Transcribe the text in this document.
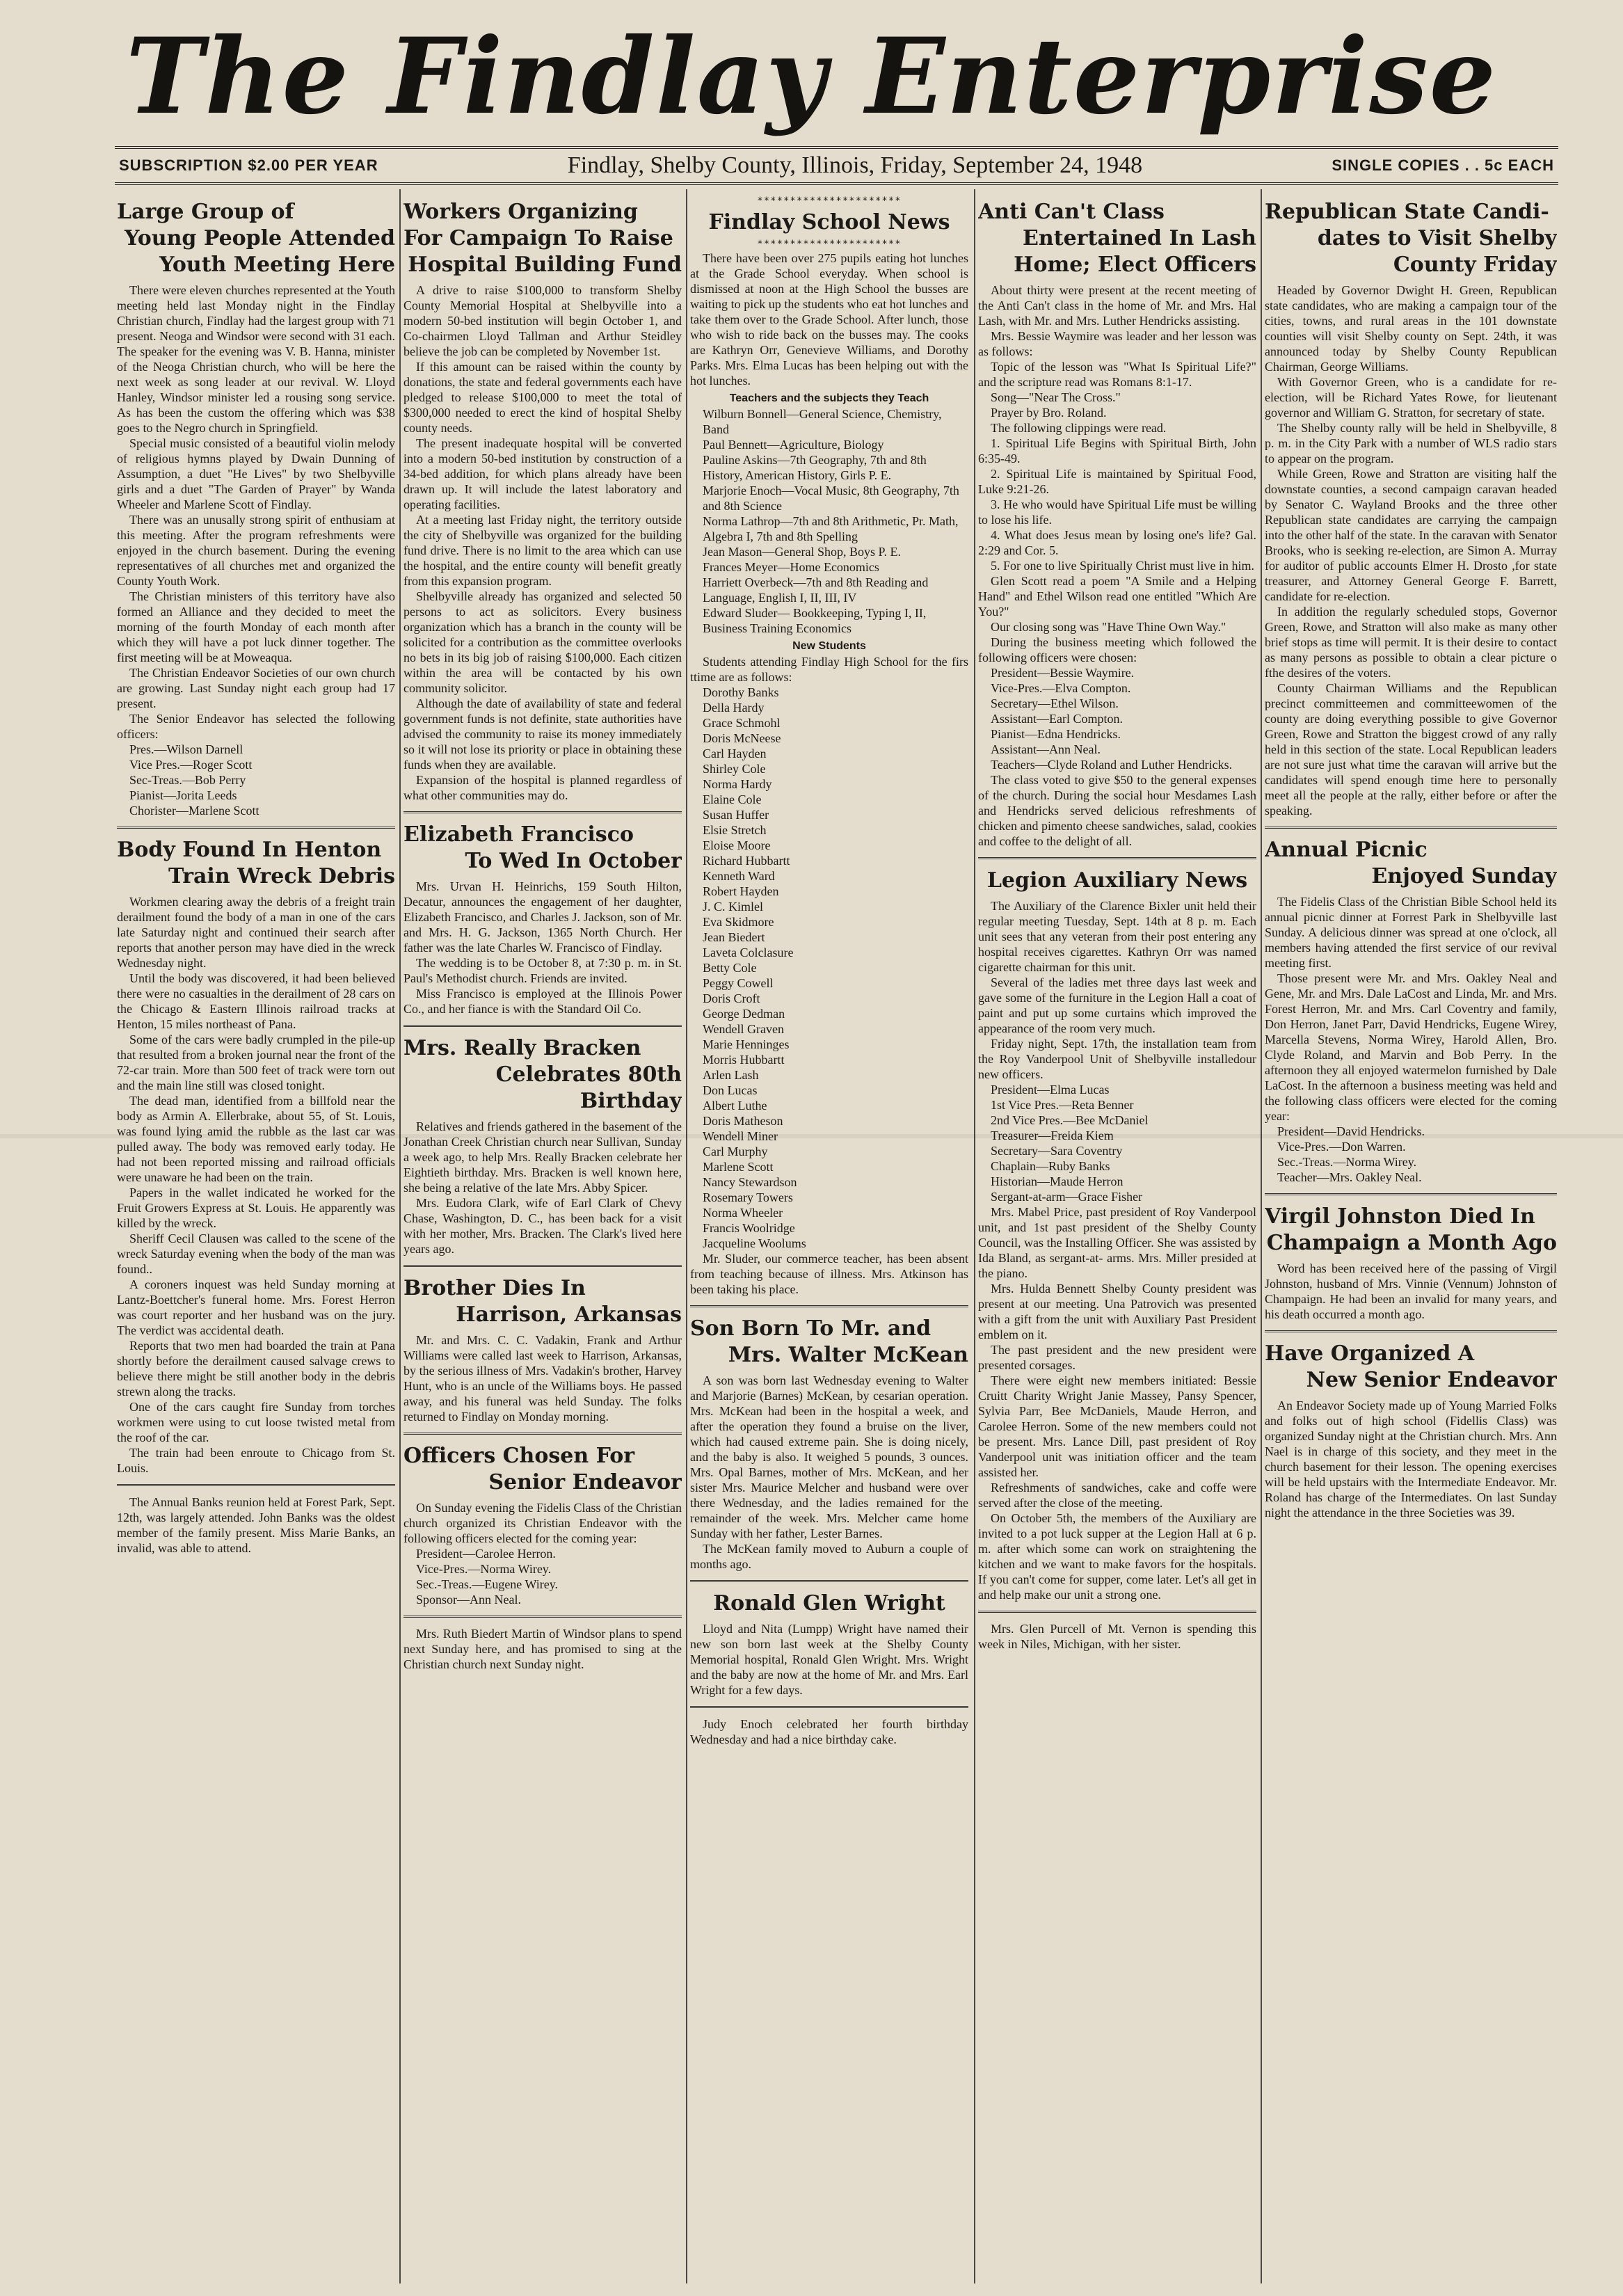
The Findlay Enterprise
SUBSCRIPTION $2.00 PER YEAR	Findlay, Shelby County, Illinois, Friday, September 24, 1948	SINGLE COPIES . . 5c EACH
Large Group of
Young People Attended
Youth Meeting Here

There were eleven churches represented at the Youth meeting held last Monday night in the Findlay Christian church, Findlay had the largest group with 71 present. Neoga and Windsor were second with 31 each. The speaker for the evening was V. B. Hanna, minister of the Neoga Christian church, who will be here the next week as song leader at our revival. W. Lloyd Hanley, Windsor minister led a rousing song service. As has been the custom the offering which was $38 goes to the Negro church in Springfield.

Special music consisted of a beautiful violin melody of religious hymns played by Dwain Dunning of Assumption, a duet "He Lives" by two Shelbyville girls and a duet "The Garden of Prayer" by Wanda Wheeler and Marlene Scott of Findlay.

There was an unusally strong spirit of enthusiam at this meeting. After the program refreshments were enjoyed in the church basement. During the evening representatives of all churches met and organized the County Youth Work.

The Christian ministers of this territory have also formed an Alliance and they decided to meet the morning of the fourth Monday of each month after which they will have a pot luck dinner together. The first meeting will be at Moweaqua.

The Christian Endeavor Societies of our own church are growing. Last Sunday night each group had 17 present.

The Senior Endeavor has selected the following officers:

Pres.—Wilson Darnell
Vice Pres.—Roger Scott
Sec-Treas.—Bob Perry
Pianist—Jorita Leeds
Chorister—Marlene Scott
Body Found In Henton
Train Wreck Debris

Workmen clearing away the debris of a freight train derailment found the body of a man in one of the cars late Saturday night and continued their search after reports that another person may have died in the wreck Wednesday night.

Until the body was discovered, it had been believed there were no casualties in the derailment of 28 cars on the Chicago & Eastern Illinois railroad tracks at Henton, 15 miles northeast of Pana.

Some of the cars were badly crumpled in the pile-up that resulted from a broken journal near the front of the 72-car train. More than 500 feet of track were torn out and the main line still was closed tonight.

The dead man, identified from a billfold near the body as Armin A. Ellerbrake, about 55, of St. Louis, was found lying amid the rubble as the last car was pulled away. The body was removed early today. He had not been reported missing and railroad officials were unaware he had been on the train.

Papers in the wallet indicated he worked for the Fruit Growers Express at St. Louis. He apparently was killed by the wreck.

Sheriff Cecil Clausen was called to the scene of the wreck Saturday evening when the body of the man was found..

A coroners inquest was held Sunday morning at Lantz-Boettcher's funeral home. Mrs. Forest Herron was court reporter and her husband was on the jury. The verdict was accidental death.

Reports that two men had boarded the train at Pana shortly before the derailment caused salvage crews to believe there might be still another body in the debris strewn along the tracks.

One of the cars caught fire Sunday from torches workmen were using to cut loose twisted metal from the roof of the car.

The train had been enroute to Chicago from St. Louis.

The Annual Banks reunion held at Forest Park, Sept. 12th, was largely attended. John Banks was the oldest member of the family present. Miss Marie Banks, an invalid, was able to attend.

Workers Organizing
For Campaign To Raise
Hospital Building Fund

A drive to raise $100,000 to transform Shelby County Memorial Hospital at Shelbyville into a modern 50-bed institution will begin October 1, and Co-chairmen Lloyd Tallman and Arthur Steidley believe the job can be completed by November 1st.

If this amount can be raised within the county by donations, the state and federal governments each have pledged to release $100,000 to meet the total of $300,000 needed to erect the kind of hospital Shelby county needs.

The present inadequate hospital will be converted into a modern 50-bed institution by construction of a 34-bed addition, for which plans already have been drawn up. It will include the latest laboratory and operating facilities.

At a meeting last Friday night, the territory outside the city of Shelbyville was organized for the building fund drive. There is no limit to the area which can use the hospital, and the entire county will benefit greatly from this expansion program.

Shelbyville already has organized and selected 50 persons to act as solicitors. Every business organization which has a branch in the county will be solicited for a contribution as the committee overlooks no bets in its big job of raising $100,000. Each citizen within the area will be contacted by his own community solicitor.

Although the date of availability of state and federal government funds is not definite, state authorities have advised the community to raise its money immediately so it will not lose its priority or place in obtaining these funds when they are available.

Expansion of the hospital is planned regardless of what other communities may do.

Elizabeth Francisco
To Wed In October

Mrs. Urvan H. Heinrichs, 159 South Hilton, Decatur, announces the engagement of her daughter, Elizabeth Francisco, and Charles J. Jackson, son of Mr. and Mrs. H. G. Jackson, 1365 North Church. Her father was the late Charles W. Francisco of Findlay.

The wedding is to be October 8, at 7:30 p. m. in St. Paul's Methodist church. Friends are invited.

Miss Francisco is employed at the Illinois Power Co., and her fiance is with the Standard Oil Co.

Mrs. Really Bracken
Celebrates 80th Birthday

Relatives and friends gathered in the basement of the Jonathan Creek Christian church near Sullivan, Sunday a week ago, to help Mrs. Really Bracken celebrate her Eightieth birthday. Mrs. Bracken is well known here, she being a relative of the late Mrs. Abby Spicer.

Mrs. Eudora Clark, wife of Earl Clark of Chevy Chase, Washington, D. C., has been back for a visit with her mother, Mrs. Bracken. The Clark's lived here years ago.

Brother Dies In
Harrison, Arkansas

Mr. and Mrs. C. C. Vadakin, Frank and Arthur Williams were called last week to Harrison, Arkansas, by the serious illness of Mrs. Vadakin's brother, Harvey Hunt, who is an uncle of the Williams boys. He passed away, and his funeral was held Sunday. The folks returned to Findlay on Monday morning.

Officers Chosen For
Senior Endeavor

On Sunday evening the Fidelis Class of the Christian church organized its Christian Endeavor with the following officers elected for the coming year:

President—Carolee Herron.
Vice-Pres.—Norma Wirey.
Sec.-Treas.—Eugene Wirey.
Sponsor—Ann Neal.

Mrs. Ruth Biedert Martin of Windsor plans to spend next Sunday here, and has promised to sing at the Christian church next Sunday night.

**********************
Findlay School News
**********************

There have been over 275 pupils eating hot lunches at the Grade School everyday. When school is dismissed at noon at the High School the busses are waiting to pick up the students who eat hot lunches and take them over to the Grade School. After lunch, those who wish to ride back on the busses may. The cooks are Kathryn Orr, Genevieve Williams, and Dorothy Parks. Mrs. Elma Lucas has been helping out with the hot lunches.

Teachers and the subjects they Teach
Wilburn Bonnell—General Science, Chemistry, Band
Paul Bennett—Agriculture, Biology
Pauline Askins—7th Geography, 7th and 8th History, American History, Girls P. E.
Marjorie Enoch—Vocal Music, 8th Geography, 7th and 8th Science
Norma Lathrop—7th and 8th Arithmetic, Pr. Math, Algebra I, 7th and 8th Spelling
Jean Mason—General Shop, Boys P. E.
Frances Meyer—Home Economics
Harriett Overbeck—7th and 8th Reading and Language, English I, II, III, IV
Edward Sluder— Bookkeeping, Typing I, II, Business Training Economics
New Students

Students attending Findlay High School for the firs ttime are as follows:

Dorothy Banks
Della Hardy
Grace Schmohl
Doris McNeese
Carl Hayden
Shirley Cole
Norma Hardy
Elaine Cole
Susan Huffer
Elsie Stretch
Eloise Moore
Richard Hubbartt
Kenneth Ward
Robert Hayden
J. C. Kimlel
Eva Skidmore
Jean Biedert
Laveta Colclasure
Betty Cole
Peggy Cowell
Doris Croft
George Dedman
Wendell Graven
Marie Henninges
Morris Hubbartt
Arlen Lash
Don Lucas
Albert Luthe
Doris Matheson
Wendell Miner
Carl Murphy
Marlene Scott
Nancy Stewardson
Rosemary Towers
Norma Wheeler
Francis Woolridge
Jacqueline Woolums

Mr. Sluder, our commerce teacher, has been absent from teaching because of illness. Mrs. Atkinson has been taking his place.

Son Born To Mr. and
Mrs. Walter McKean

A son was born last Wednesday evening to Walter and Marjorie (Barnes) McKean, by cesarian operation. Mrs. McKean had been in the hospital a week, and after the operation they found a bruise on the liver, which had caused extreme pain. She is doing nicely, and the baby is also. It weighed 5 pounds, 3 ounces. Mrs. Opal Barnes, mother of Mrs. McKean, and her sister Mrs. Maurice Melcher and husband were over there Wednesday, and the ladies remained for the remainder of the week. Mrs. Melcher came home Sunday with her father, Lester Barnes.

The McKean family moved to Auburn a couple of months ago.

Ronald Glen Wright

Lloyd and Nita (Lumpp) Wright have named their new son born last week at the Shelby County Memorial hospital, Ronald Glen Wright. Mrs. Wright and the baby are now at the home of Mr. and Mrs. Earl Wright for a few days.

Judy Enoch celebrated her fourth birthday Wednesday and had a nice birthday cake.

Anti Can't Class
Entertained In Lash
Home; Elect Officers

About thirty were present at the recent meeting of the Anti Can't class in the home of Mr. and Mrs. Hal Lash, with Mr. and Mrs. Luther Hendricks assisting.

Mrs. Bessie Waymire was leader and her lesson was as follows:

Topic of the lesson was "What Is Spiritual Life?" and the scripture read was Romans 8:1-17.

Song—"Near The Cross."

Prayer by Bro. Roland.

The following clippings were read.

1. Spiritual Life Begins with Spiritual Birth, John 6:35-49.

2. Spiritual Life is maintained by Spiritual Food, Luke 9:21-26.

3. He who would have Spiritual Life must be willing to lose his life.

4. What does Jesus mean by losing one's life? Gal. 2:29 and Cor. 5.

5. For one to live Spiritually Christ must live in him.

Glen Scott read a poem "A Smile and a Helping Hand" and Ethel Wilson read one entitled "Which Are You?"

Our closing song was "Have Thine Own Way."

During the business meeting which followed the following officers were chosen:

President—Bessie Waymire.
Vice-Pres.—Elva Compton.
Secretary—Ethel Wilson.
Assistant—Earl Compton.
Pianist—Edna Hendricks.
Assistant—Ann Neal.
Teachers—Clyde Roland and Luther Hendricks.

The class voted to give $50 to the general expenses of the church. During the social hour Mesdames Lash and Hendricks served delicious refreshments of chicken and pimento cheese sandwiches, salad, cookies and coffee to the delight of all.

Legion Auxiliary News

The Auxiliary of the Clarence Bixler unit held their regular meeting Tuesday, Sept. 14th at 8 p. m. Each unit sees that any veteran from their post entering any hospital receives cigarettes. Kathryn Orr was named cigarette chairman for this unit.

Several of the ladies met three days last week and gave some of the furniture in the Legion Hall a coat of paint and put up some curtains which improved the appearance of the room very much.

Friday night, Sept. 17th, the installation team from the Roy Vanderpool Unit of Shelbyville installedour new officers.

President—Elma Lucas
1st Vice Pres.—Reta Benner
2nd Vice Pres.—Bee McDaniel
Treasurer—Freida Kiem
Secretary—Sara Coventry
Chaplain—Ruby Banks
Historian—Maude Herron
Sergant-at-arm—Grace Fisher

Mrs. Mabel Price, past president of Roy Vanderpool unit, and 1st past president of the Shelby County Council, was the Installing Officer. She was assisted by Ida Bland, as sergant-at- arms. Mrs. Miller presided at the piano.

Mrs. Hulda Bennett Shelby County president was present at our meeting. Una Patrovich was presented with a gift from the unit with Auxiliary Past President emblem on it.

The past president and the new president were presented corsages.

There were eight new members initiated: Bessie Cruitt Charity Wright Janie Massey, Pansy Spencer, Sylvia Parr, Bee McDaniels, Maude Herron, and Carolee Herron. Some of the new members could not be present. Mrs. Lance Dill, past president of Roy Vanderpool unit was initiation officer and the team assisted her.

Refreshments of sandwiches, cake and coffe were served after the close of the meeting.

On October 5th, the members of the Auxiliary are invited to a pot luck supper at the Legion Hall at 6 p. m. after which some can work on straightening the kitchen and we want to make favors for the hospitals. If you can't come for supper, come later. Let's all get in and help make our unit a strong one.

Mrs. Glen Purcell of Mt. Vernon is spending this week in Niles, Michigan, with her sister.

Republican State Candi-
dates to Visit Shelby
County Friday

Headed by Governor Dwight H. Green, Republican state candidates, who are making a campaign tour of the cities, towns, and rural areas in the 101 downstate counties will visit Shelby county on Sept. 24th, it was announced today by Shelby County Republican Chairman, George Williams.

With Governor Green, who is a candidate for re-election, will be Richard Yates Rowe, for lieutenant governor and William G. Stratton, for secretary of state.

The Shelby county rally will be held in Shelbyville, 8 p. m. in the City Park with a number of WLS radio stars to appear on the program.

While Green, Rowe and Stratton are visiting half the downstate counties, a second campaign caravan headed by Senator C. Wayland Brooks and the three other Republican state candidates are carrying the campaign into the other half of the state. In the caravan with Senator Brooks, who is seeking re-election, are Simon A. Murray for auditor of public accounts Elmer H. Drosto ,for state treasurer, and Attorney General George F. Barrett, candidate for re-election.

In addition the regularly scheduled stops, Governor Green, Rowe, and Stratton will also make as many other brief stops as time will permit. It is their desire to contact as many persons as possible to obtain a clear picture o fthe desires of the voters.

County Chairman Williams and the Republican precinct committeemen and committeewomen of the county are doing everything possible to give Governor Green, Rowe and Stratton the biggest crowd of any rally held in this section of the state. Local Republican leaders are not sure just what time the caravan will arrive but the candidates will spend enough time here to personally meet all the people at the rally, either before or after the speaking.

Annual Picnic
Enjoyed Sunday

The Fidelis Class of the Christian Bible School held its annual picnic dinner at Forrest Park in Shelbyville last Sunday. A delicious dinner was spread at one o'clock, all members having attended the first service of our revival meeting first.

Those present were Mr. and Mrs. Oakley Neal and Gene, Mr. and Mrs. Dale LaCost and Linda, Mr. and Mrs. Forest Herron, Mr. and Mrs. Carl Coventry and family, Don Herron, Janet Parr, David Hendricks, Eugene Wirey, Marcella Stevens, Norma Wirey, Harold Allen, Bro. Clyde Roland, and Marvin and Bob Perry. In the afternoon they all enjoyed watermelon furnished by Dale LaCost. In the afternoon a business meeting was held and the following class officers were elected for the coming year:

President—David Hendricks.
Vice-Pres.—Don Warren.
Sec.-Treas.—Norma Wirey.
Teacher—Mrs. Oakley Neal.
Virgil Johnston Died In
Champaign a Month Ago

Word has been received here of the passing of Virgil Johnston, husband of Mrs. Vinnie (Vennum) Johnston of Champaign. He had been an invalid for many years, and his death occurred a month ago.

Have Organized A
New Senior Endeavor

An Endeavor Society made up of Young Married Folks and folks out of high school (Fidellis Class) was organized Sunday night at the Christian church. Mrs. Ann Nael is in charge of this society, and they meet in the church basement for their lesson. The opening exercises will be held upstairs with the Intermediate Endeavor. Mr. Roland has charge of the Intermediates. On last Sunday night the attendance in the three Societies was 39.
